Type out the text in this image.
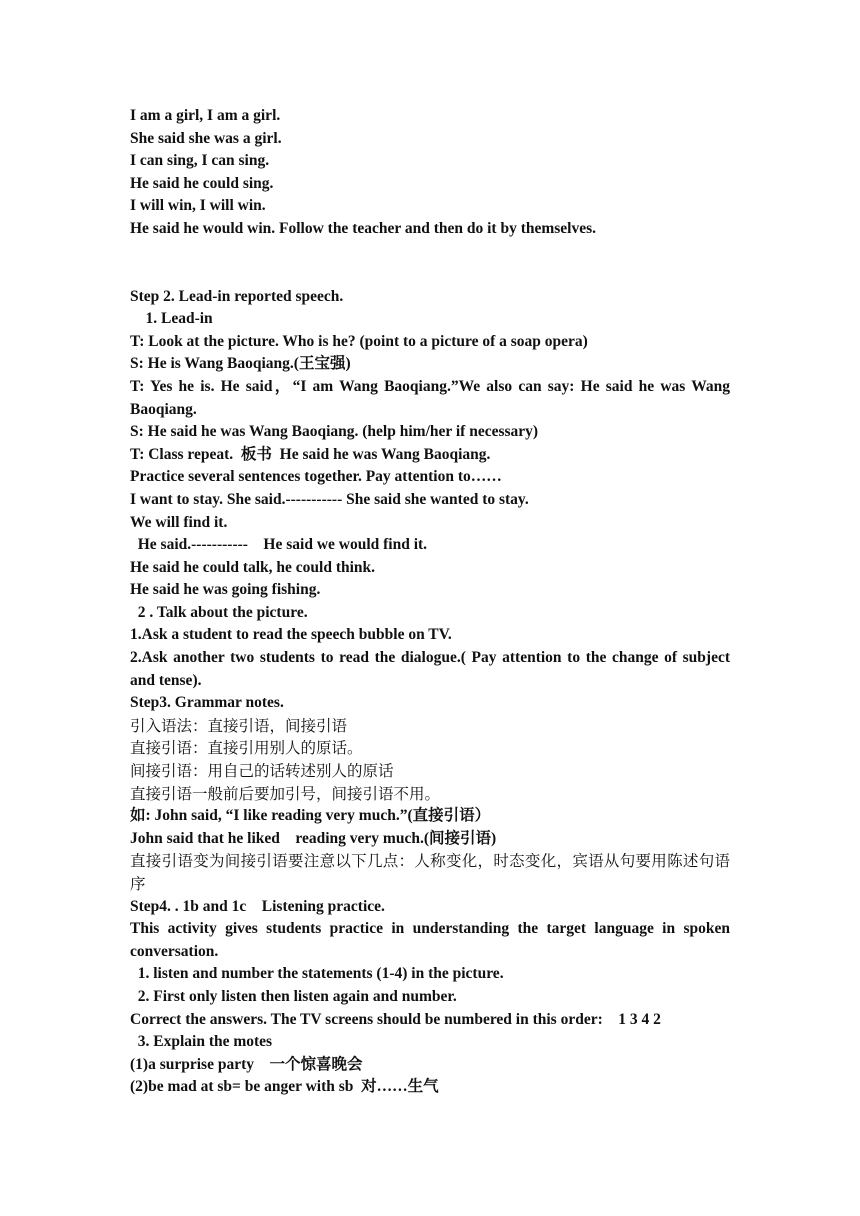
I am a girl, I am a girl.

She said she was a girl.

I can sing, I can sing.

He said he could sing.

I will win, I will win.

He said he would win. Follow the teacher and then do it by themselves.

Step 2. Lead-in reported speech.

1. Lead-in

T: Look at the picture. Who is he? (point to a picture of a soap opera)

S: He is Wang Baoqiang.(王宝强)

T: Yes he is. He said，“I am Wang Baoqiang.”We also can say: He said he was Wang Baoqiang.

S: He said he was Wang Baoqiang. (help him/her if necessary)

T: Class repeat.  板书  He said he was Wang Baoqiang.

Practice several sentences together. Pay attention to……

I want to stay. She said.----------- She said she wanted to stay.

We will find it.

He said.-----------    He said we would find it.

He said he could talk, he could think.

He said he was going fishing.

2 . Talk about the picture.

1.Ask a student to read the speech bubble on TV.

2.Ask another two students to read the dialogue.( Pay attention to the change of subject and tense).

Step3. Grammar notes.

引入语法：直接引语，间接引语

直接引语：直接引用别人的原话。

间接引语：用自己的话转述别人的原话

直接引语一般前后要加引号，间接引语不用。

如: John said, “I like reading very much.”(直接引语）

John said that he liked    reading very much.(间接引语)

直接引语变为间接引语要注意以下几点：人称变化，时态变化，宾语从句要用陈述句语序

Step4. . 1b and 1c    Listening practice.

This activity gives students practice in understanding the target language in spoken conversation.

1. listen and number the statements (1-4) in the picture.

2. First only listen then listen again and number.

Correct the answers. The TV screens should be numbered in this order:    1 3 4 2

3. Explain the motes

(1)a surprise party    一个惊喜晚会

(2)be mad at sb= be anger with sb  对……生气
